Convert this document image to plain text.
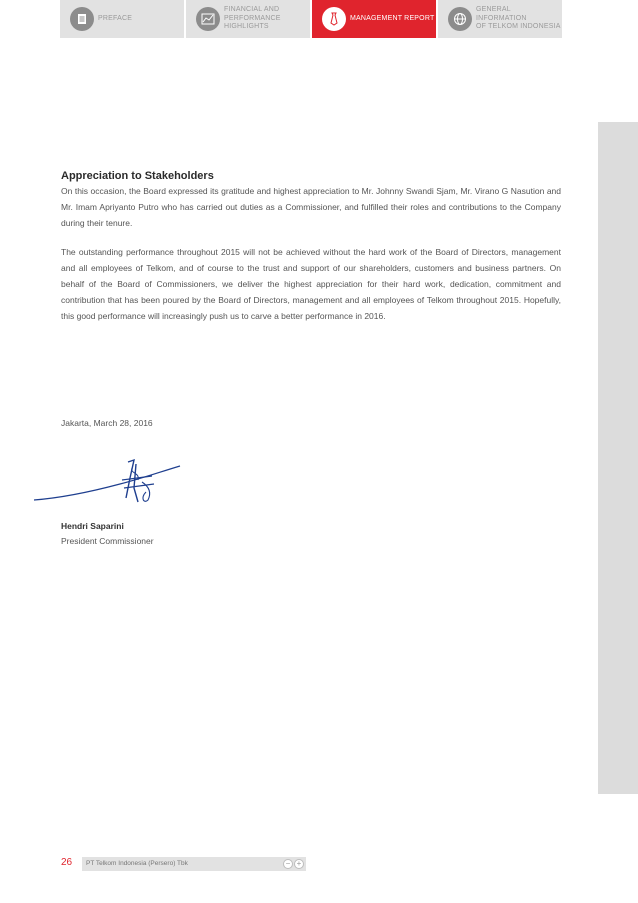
PREFACE
FINANCIAL AND
PERFORMANCE
HIGHLIGHTS
MANAGEMENT REPORT
GENERAL INFORMATION
OF TELKOM INDONESIA
Appreciation to Stakeholders

On this occasion, the Board expressed its gratitude and highest appreciation to Mr. Johnny Swandi Sjam, Mr. Virano G Nasution and Mr. Imam Apriyanto Putro who has carried out duties as a Commissioner, and fulfilled their roles and contributions to the Company during their tenure.

The outstanding performance throughout 2015 will not be achieved without the hard work of the Board of Directors, management and all employees of Telkom, and of course to the trust and support of our shareholders, customers and business partners. On behalf of the Board of Commissioners, we deliver the highest appreciation for their hard work, dedication, commitment and contribution that has been poured by the Board of Directors, management and all employees of Telkom throughout 2015. Hopefully, this good performance will increasingly push us to carve a better performance in 2016.

Jakarta, March 28, 2016
Hendri Saparini
President Commissioner
26	PT Telkom Indonesia (Persero) Tbk	− +
